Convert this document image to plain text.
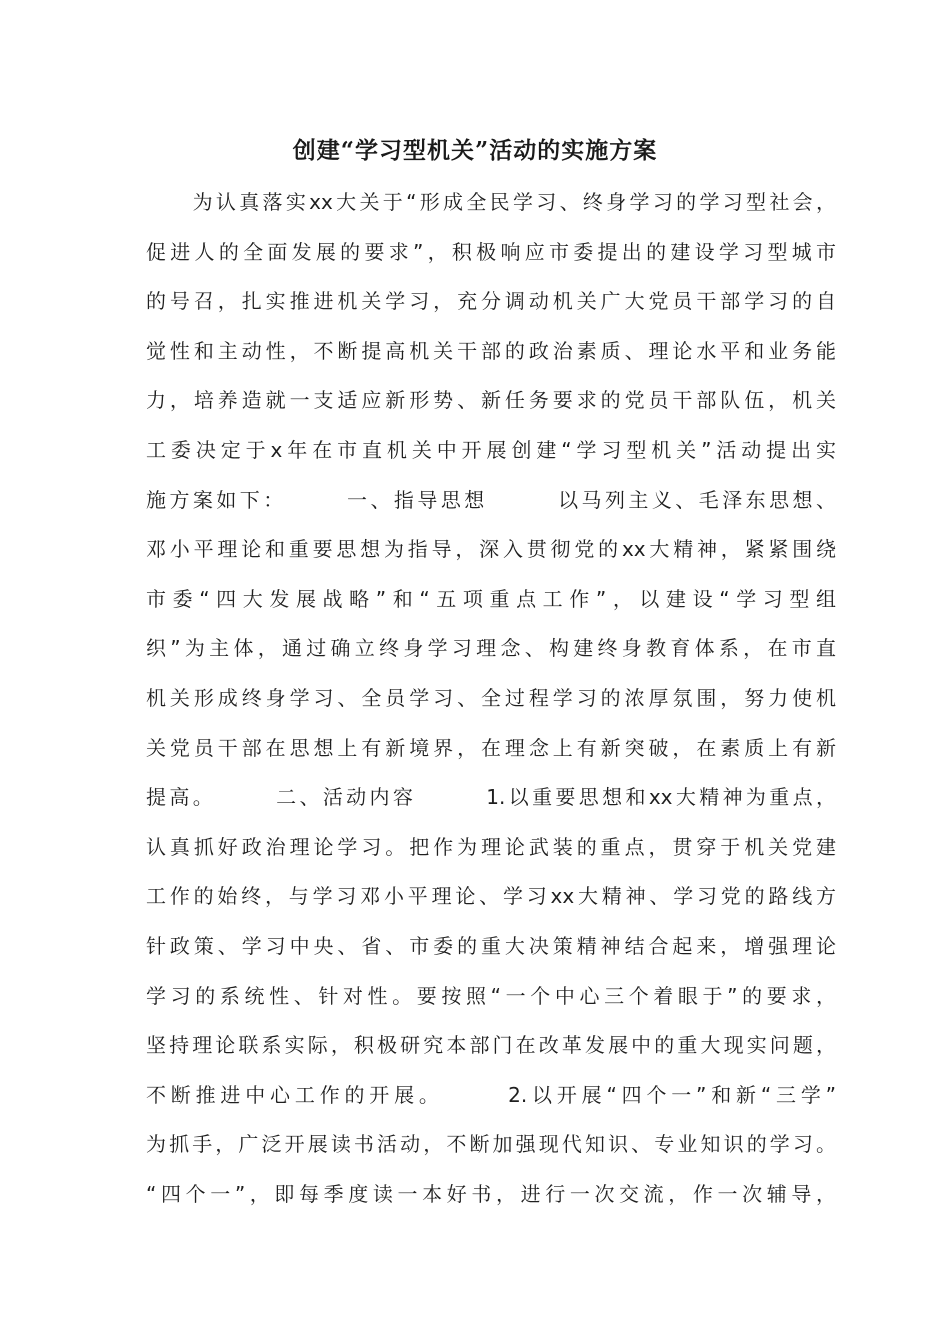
创建“学习型机关”活动的实施方案
　　为认真落实xx大关于“形成全民学习、终身学习的学习型社会，
促进人的全面发展的要求”，积极响应市委提出的建设学习型城市
的号召，扎实推进机关学习，充分调动机关广大党员干部学习的自
觉性和主动性，不断提高机关干部的政治素质、理论水平和业务能
力，培养造就一支适应新形势、新任务要求的党员干部队伍，机关
工委决定于x年在市直机关中开展创建“学习型机关”活动提出实
施方案如下：　　　一、指导思想　　　以马列主义、毛泽东思想、
邓小平理论和重要思想为指导，深入贯彻党的xx大精神，紧紧围绕
市委“四大发展战略”和“五项重点工作”，以建设“学习型组
织”为主体，通过确立终身学习理念、构建终身教育体系，在市直
机关形成终身学习、全员学习、全过程学习的浓厚氛围，努力使机
关党员干部在思想上有新境界，在理念上有新突破，在素质上有新
提高。　　　二、活动内容　　　1.以重要思想和xx大精神为重点，
认真抓好政治理论学习。把作为理论武装的重点，贯穿于机关党建
工作的始终，与学习邓小平理论、学习xx大精神、学习党的路线方
针政策、学习中央、省、市委的重大决策精神结合起来，增强理论
学习的系统性、针对性。要按照“一个中心三个着眼于”的要求，
坚持理论联系实际，积极研究本部门在改革发展中的重大现实问题，
不断推进中心工作的开展。　　　2.以开展“四个一”和新“三学”
为抓手，广泛开展读书活动，不断加强现代知识、专业知识的学习。
“四个一”，即每季度读一本好书，进行一次交流，作一次辅导，
